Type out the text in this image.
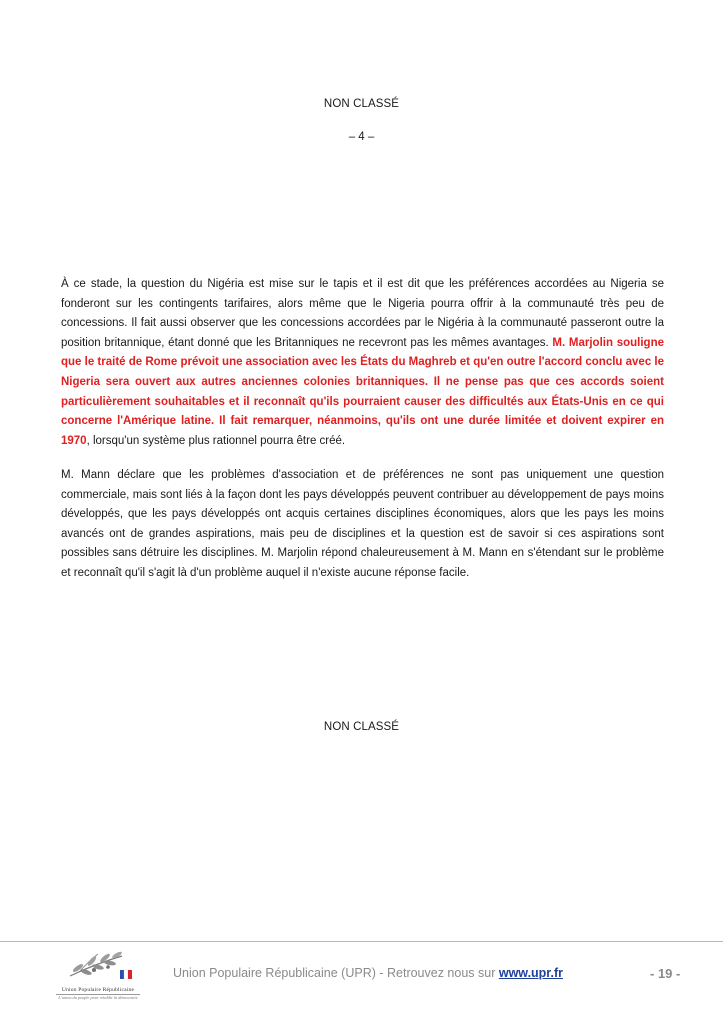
NON CLASSÉ
– 4 –

À ce stade, la question du Nigéria est mise sur le tapis et il est dit que les préférences accordées au Nigeria se fonderont sur les contingents tarifaires, alors même que le Nigeria pourra offrir à la communauté très peu de concessions. Il fait aussi observer que les concessions accordées par le Nigéria à la communauté passeront outre la position britannique, étant donné que les Britanniques ne recevront pas les mêmes avantages. M. Marjolin souligne que le traité de Rome prévoit une association avec les États du Maghreb et qu'en outre l'accord conclu avec le Nigeria sera ouvert aux autres anciennes colonies britanniques. Il ne pense pas que ces accords soient particulièrement souhaitables et il reconnaît qu'ils pourraient causer des difficultés aux États-Unis en ce qui concerne l'Amérique latine. Il fait remarquer, néanmoins, qu'ils ont une durée limitée et doivent expirer en 1970, lorsqu'un système plus rationnel pourra être créé.

M. Mann déclare que les problèmes d'association et de préférences ne sont pas uniquement une question commerciale, mais sont liés à la façon dont les pays développés peuvent contribuer au développement de pays moins développés, que les pays développés ont acquis certaines disciplines économiques, alors que les pays les moins avancés ont de grandes aspirations, mais peu de disciplines et la question est de savoir si ces aspirations sont possibles sans détruire les disciplines. M. Marjolin répond chaleureusement à M. Mann en s'étendant sur le problème et reconnaît qu'il s'agit là d'un problème auquel il n'existe aucune réponse facile.

NON CLASSÉ
Union Populaire Républicaine
L'union du peuple pour rétablir la démocratie
Union Populaire Républicaine (UPR) - Retrouvez nous sur www.upr.fr	- 19 -
